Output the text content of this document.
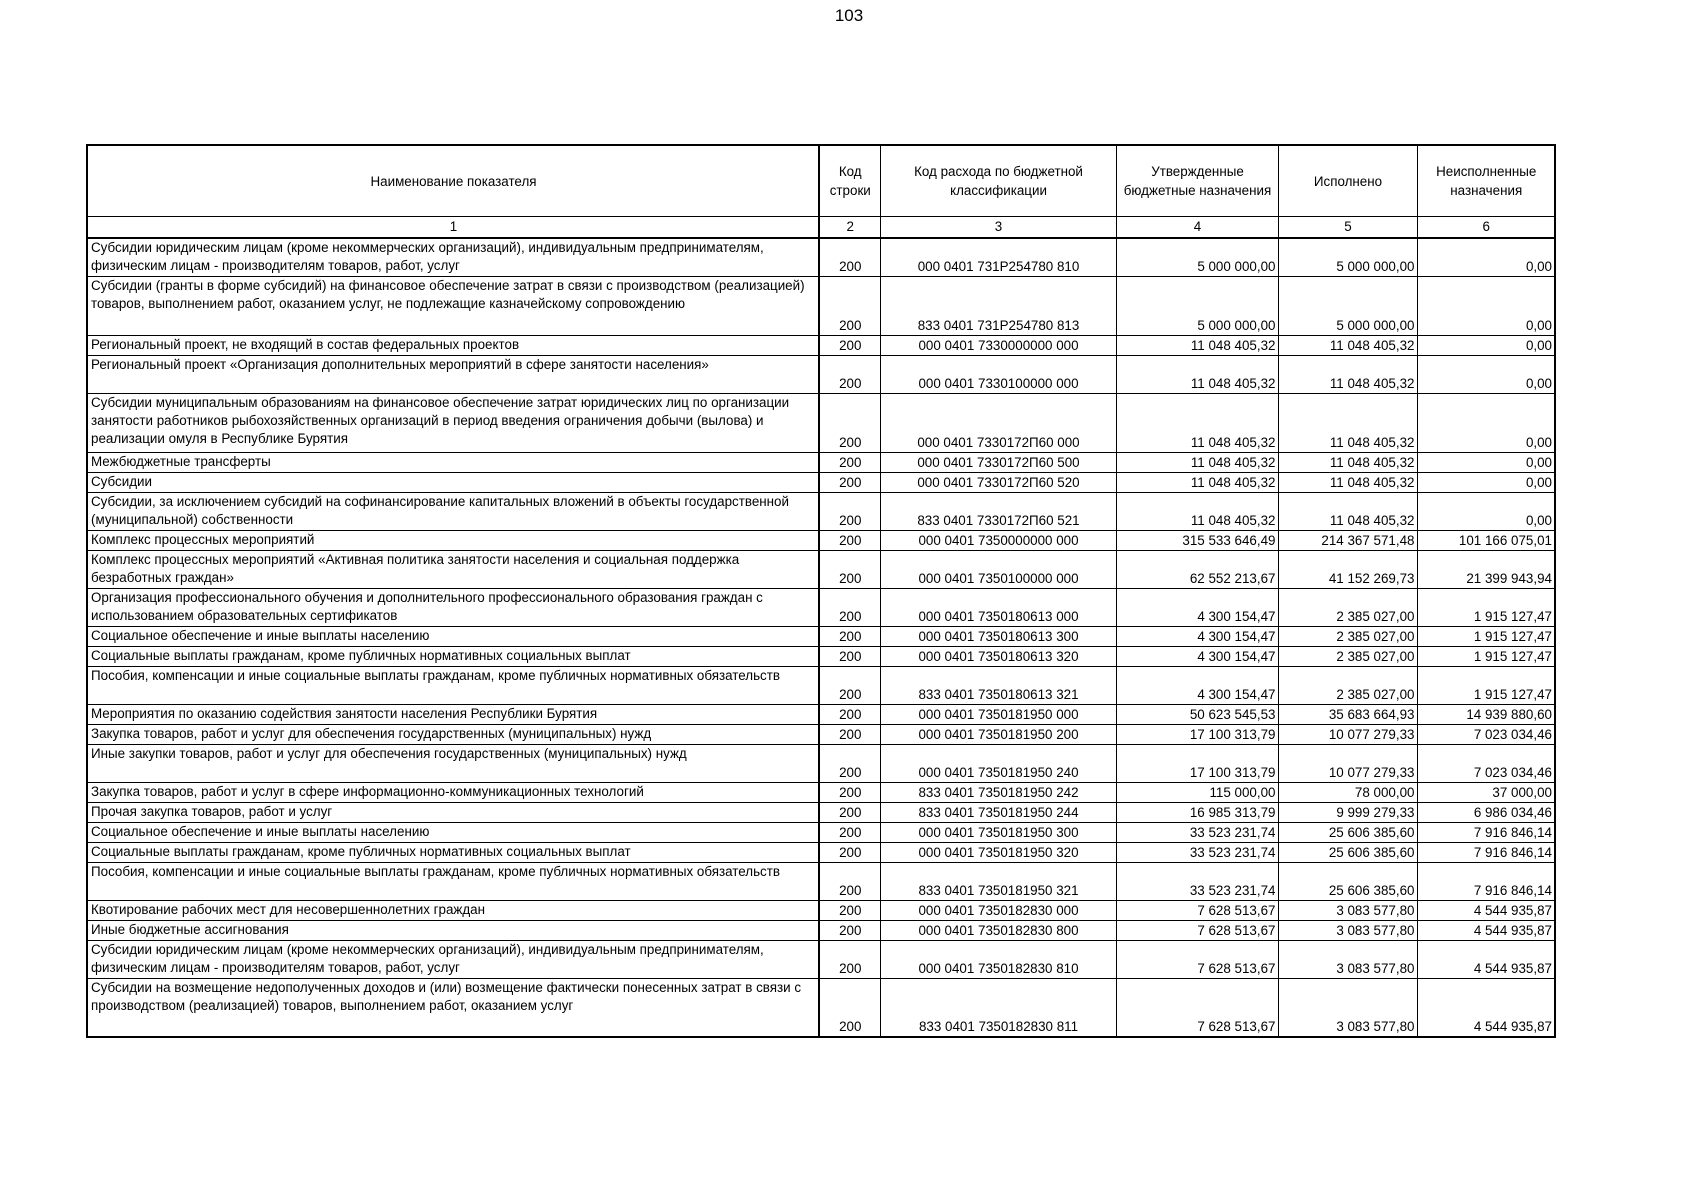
103
Наименование показателя	Код строки	Код расхода по бюджетной классификации	Утвержденные бюджетные назначения	Исполнено	Неисполненные назначения
1	2	3	4	5	6
Субсидии юридическим лицам (кроме некоммерческих организаций), индивидуальным предпринимателям, физическим лицам - производителям товаров, работ, услуг	200	000 0401 731Р254780 810	5 000 000,00	5 000 000,00	0,00
Субсидии (гранты в форме субсидий) на финансовое обеспечение затрат в связи с производством (реализацией) товаров, выполнением работ, оказанием услуг, не подлежащие казначейскому сопровождению	200	833 0401 731Р254780 813	5 000 000,00	5 000 000,00	0,00
Региональный проект, не входящий в состав федеральных проектов	200	000 0401 7330000000 000	11 048 405,32	11 048 405,32	0,00
Региональный проект «Организация дополнительных мероприятий в сфере занятости населения»	200	000 0401 7330100000 000	11 048 405,32	11 048 405,32	0,00
Субсидии муниципальным образованиям на финансовое обеспечение затрат юридических лиц по организации занятости работников рыбохозяйственных организаций в период введения ограничения добычи (вылова) и реализации омуля в Республике Бурятия	200	000 0401 7330172П60 000	11 048 405,32	11 048 405,32	0,00
Межбюджетные трансферты	200	000 0401 7330172П60 500	11 048 405,32	11 048 405,32	0,00
Субсидии	200	000 0401 7330172П60 520	11 048 405,32	11 048 405,32	0,00
Субсидии, за исключением субсидий на софинансирование капитальных вложений в объекты государственной (муниципальной) собственности	200	833 0401 7330172П60 521	11 048 405,32	11 048 405,32	0,00
Комплекс процессных мероприятий	200	000 0401 7350000000 000	315 533 646,49	214 367 571,48	101 166 075,01
Комплекс процессных мероприятий «Активная политика занятости населения и социальная поддержка безработных граждан»	200	000 0401 7350100000 000	62 552 213,67	41 152 269,73	21 399 943,94
Организация профессионального обучения и дополнительного профессионального образования граждан с использованием образовательных сертификатов	200	000 0401 7350180613 000	4 300 154,47	2 385 027,00	1 915 127,47
Социальное обеспечение и иные выплаты населению	200	000 0401 7350180613 300	4 300 154,47	2 385 027,00	1 915 127,47
Социальные выплаты гражданам, кроме публичных нормативных социальных выплат	200	000 0401 7350180613 320	4 300 154,47	2 385 027,00	1 915 127,47
Пособия, компенсации и иные социальные выплаты гражданам, кроме публичных нормативных обязательств	200	833 0401 7350180613 321	4 300 154,47	2 385 027,00	1 915 127,47
Мероприятия по оказанию содействия занятости населения Республики Бурятия	200	000 0401 7350181950 000	50 623 545,53	35 683 664,93	14 939 880,60
Закупка товаров, работ и услуг для обеспечения государственных (муниципальных) нужд	200	000 0401 7350181950 200	17 100 313,79	10 077 279,33	7 023 034,46
Иные закупки товаров, работ и услуг для обеспечения государственных (муниципальных) нужд	200	000 0401 7350181950 240	17 100 313,79	10 077 279,33	7 023 034,46
Закупка товаров, работ и услуг в сфере информационно-коммуникационных технологий	200	833 0401 7350181950 242	115 000,00	78 000,00	37 000,00
Прочая закупка товаров, работ и услуг	200	833 0401 7350181950 244	16 985 313,79	9 999 279,33	6 986 034,46
Социальное обеспечение и иные выплаты населению	200	000 0401 7350181950 300	33 523 231,74	25 606 385,60	7 916 846,14
Социальные выплаты гражданам, кроме публичных нормативных социальных выплат	200	000 0401 7350181950 320	33 523 231,74	25 606 385,60	7 916 846,14
Пособия, компенсации и иные социальные выплаты гражданам, кроме публичных нормативных обязательств	200	833 0401 7350181950 321	33 523 231,74	25 606 385,60	7 916 846,14
Квотирование рабочих мест для несовершеннолетних граждан	200	000 0401 7350182830 000	7 628 513,67	3 083 577,80	4 544 935,87
Иные бюджетные ассигнования	200	000 0401 7350182830 800	7 628 513,67	3 083 577,80	4 544 935,87
Субсидии юридическим лицам (кроме некоммерческих организаций), индивидуальным предпринимателям, физическим лицам - производителям товаров, работ, услуг	200	000 0401 7350182830 810	7 628 513,67	3 083 577,80	4 544 935,87
Субсидии на возмещение недополученных доходов и (или) возмещение фактически понесенных затрат в связи с производством (реализацией) товаров, выполнением работ, оказанием услуг	200	833 0401 7350182830 811	7 628 513,67	3 083 577,80	4 544 935,87
